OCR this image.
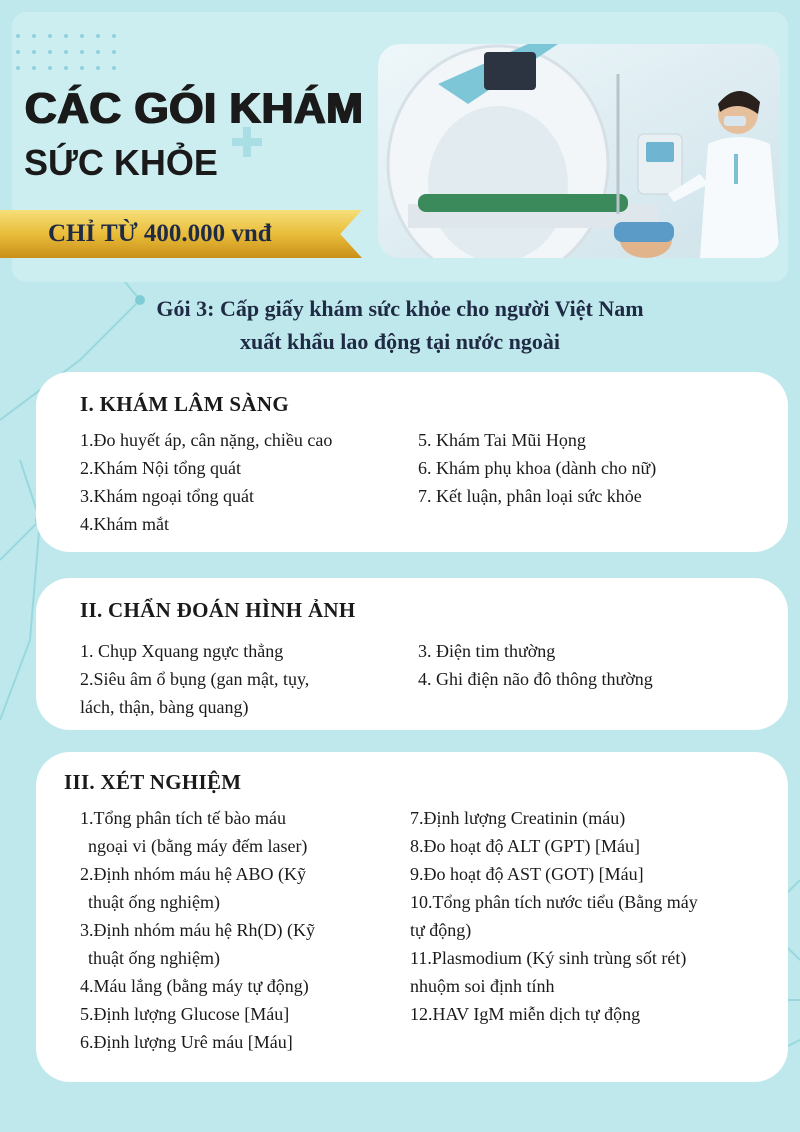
CÁC GÓI KHÁM
SỨC KHỎE

CHỈ TỪ 400.000 vnđ

Gói 3: Cấp giấy khám sức khỏe cho người Việt Nam
xuất khẩu lao động tại nước ngoài
I. KHÁM LÂM SÀNG
1.Đo huyết áp, cân nặng, chiều cao
2.Khám Nội tổng quát
3.Khám ngoại tổng quát
4.Khám mắt
5. Khám Tai Mũi Họng
6. Khám phụ khoa (dành cho nữ)
7. Kết luận, phân loại sức khỏe
II. CHẨN ĐOÁN HÌNH ẢNH
1. Chụp Xquang ngực thẳng
2.Siêu âm ổ bụng (gan mật, tụy,
lách, thận, bàng quang)
3. Điện tim thường
4. Ghi điện não đô thông thường
III. XÉT NGHIỆM
1.Tổng phân tích tế bào máu
ngoại vi (bằng máy đếm laser)
2.Định nhóm máu hệ ABO (Kỹ
thuật ống nghiệm)
3.Định nhóm máu hệ Rh(D) (Kỹ
thuật ống nghiệm)
4.Máu lắng (bằng máy tự động)
5.Định lượng Glucose [Máu]
6.Định lượng Urê máu [Máu]
7.Định lượng Creatinin (máu)
8.Đo hoạt độ ALT (GPT) [Máu]
9.Đo hoạt độ AST (GOT) [Máu]
10.Tổng phân tích nước tiểu (Bằng máy
tự động)
11.Plasmodium (Ký sinh trùng sốt rét)
nhuộm soi định tính
12.HAV IgM miễn dịch tự động
